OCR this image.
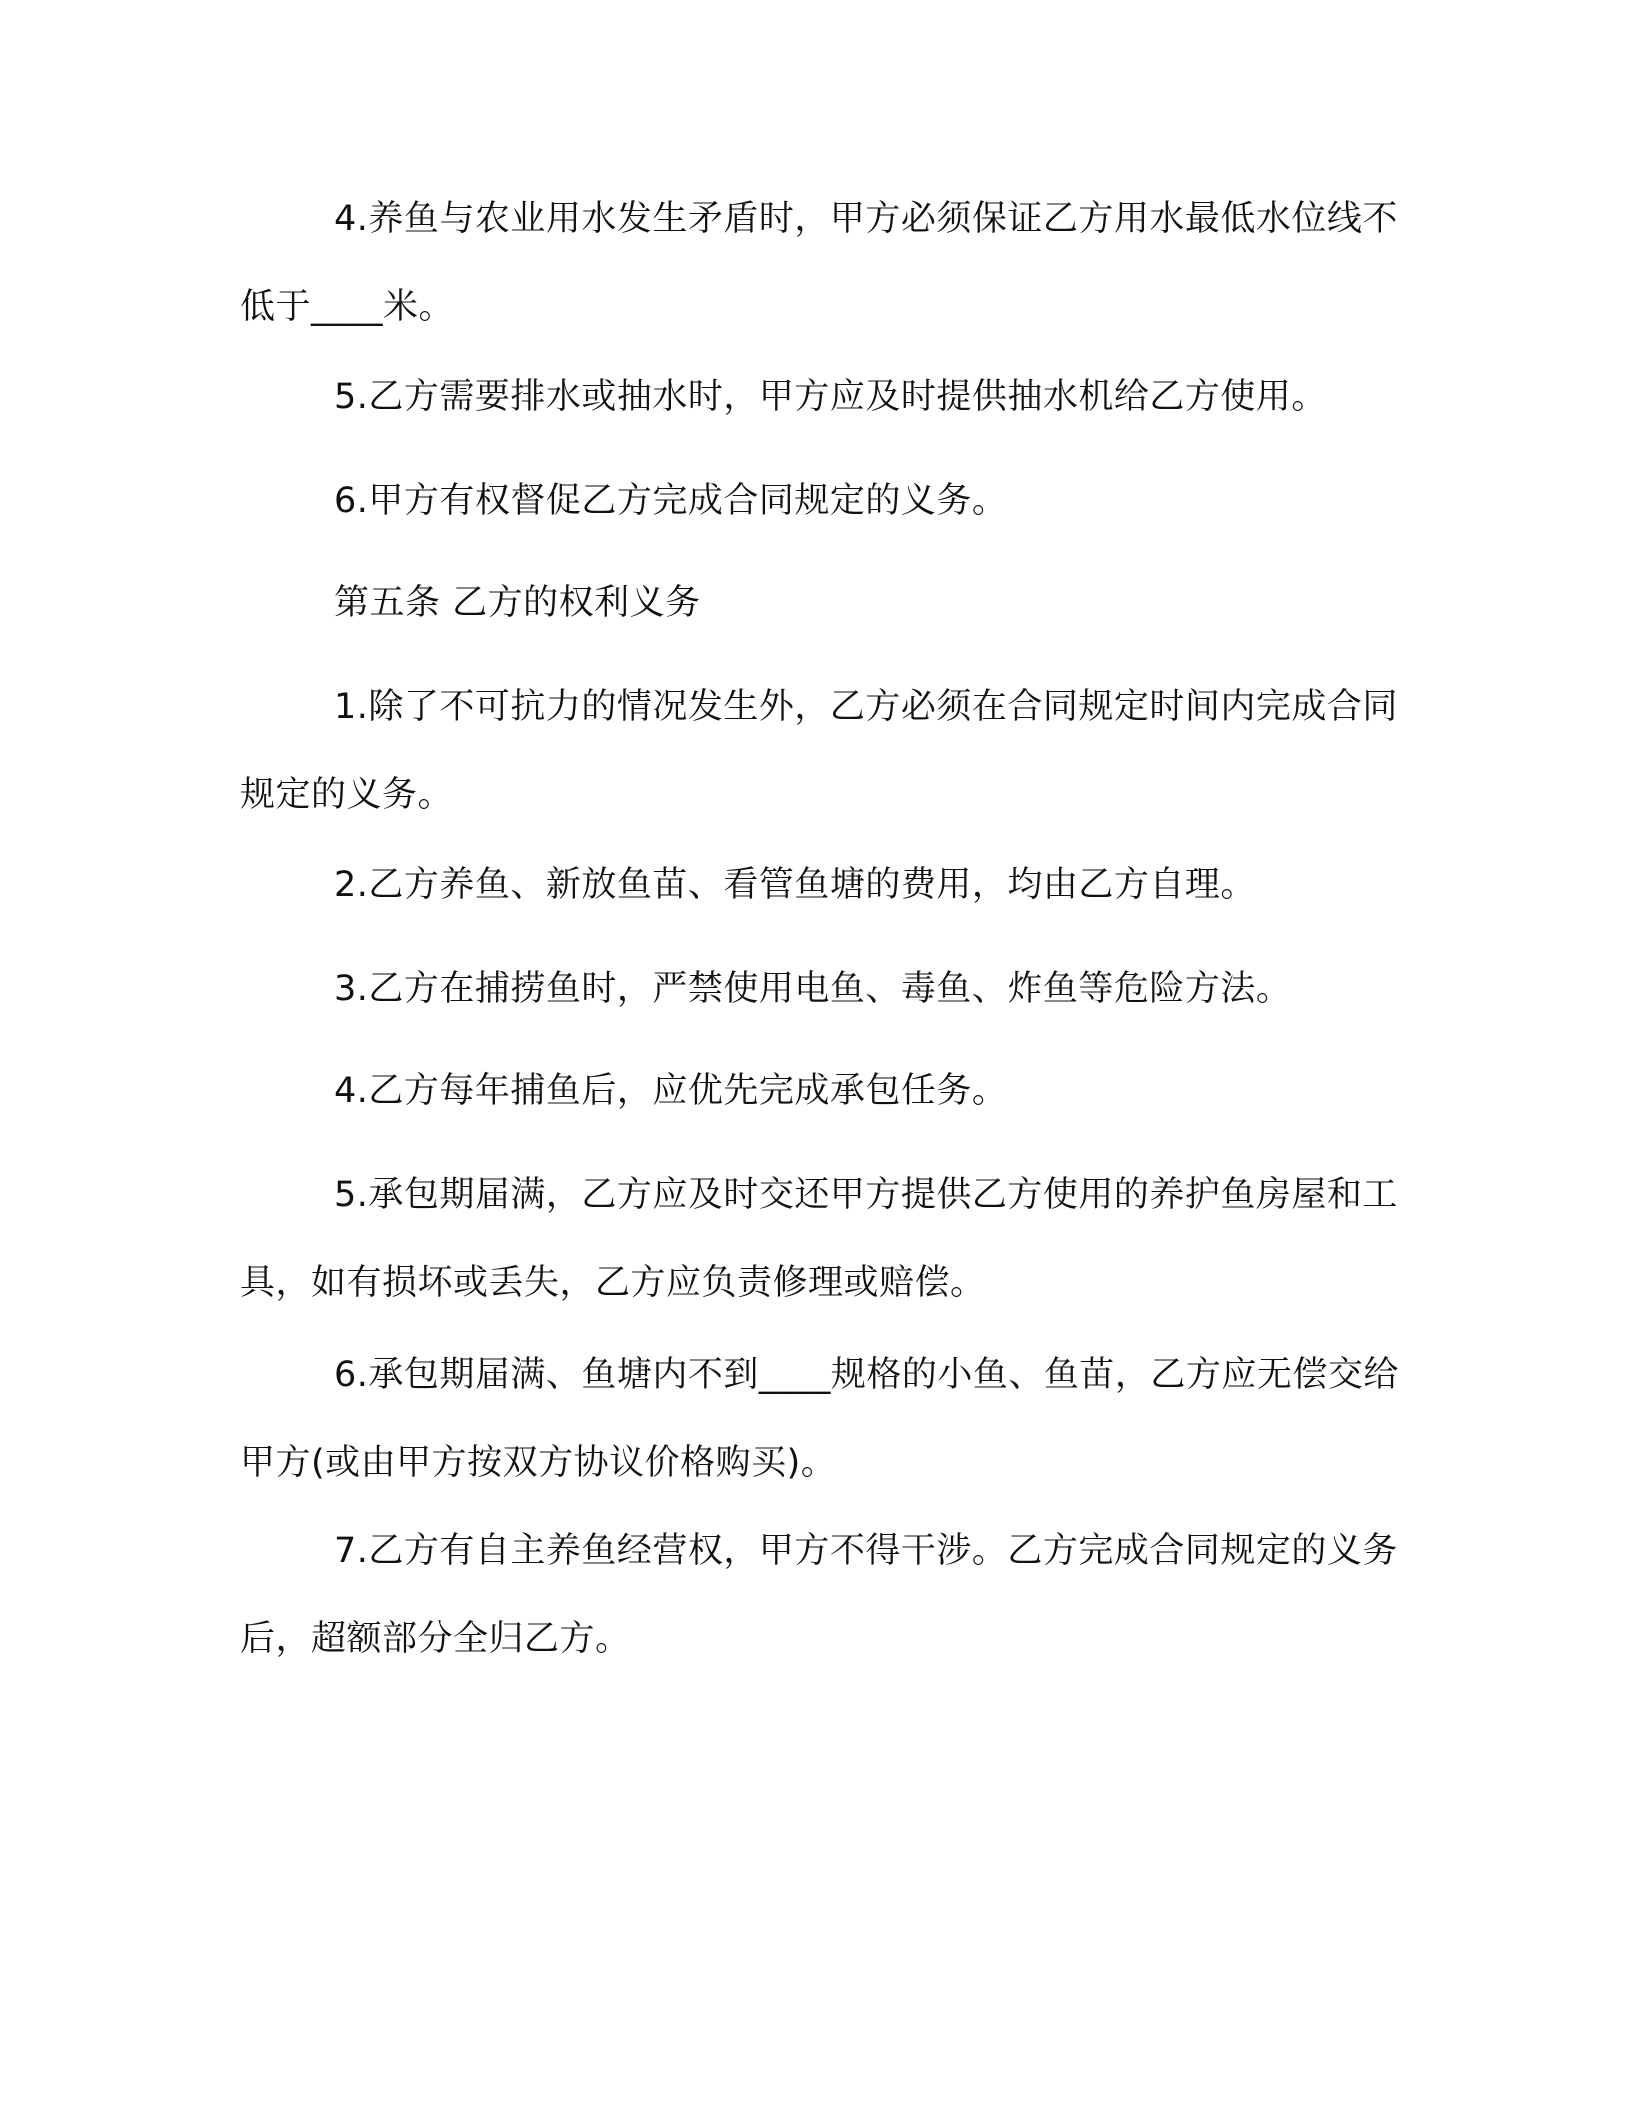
4.养鱼与农业用水发生矛盾时，甲方必须保证乙方用水最低水位线不低于____米。

5.乙方需要排水或抽水时，甲方应及时提供抽水机给乙方使用。

6.甲方有权督促乙方完成合同规定的义务。

第五条 乙方的权利义务

1.除了不可抗力的情况发生外，乙方必须在合同规定时间内完成合同规定的义务。

2.乙方养鱼、新放鱼苗、看管鱼塘的费用，均由乙方自理。

3.乙方在捕捞鱼时，严禁使用电鱼、毒鱼、炸鱼等危险方法。

4.乙方每年捕鱼后，应优先完成承包任务。

5.承包期届满，乙方应及时交还甲方提供乙方使用的养护鱼房屋和工具，如有损坏或丢失，乙方应负责修理或赔偿。

6.承包期届满、鱼塘内不到____规格的小鱼、鱼苗，乙方应无偿交给甲方(或由甲方按双方协议价格购买)。

7.乙方有自主养鱼经营权，甲方不得干涉。乙方完成合同规定的义务后，超额部分全归乙方。
